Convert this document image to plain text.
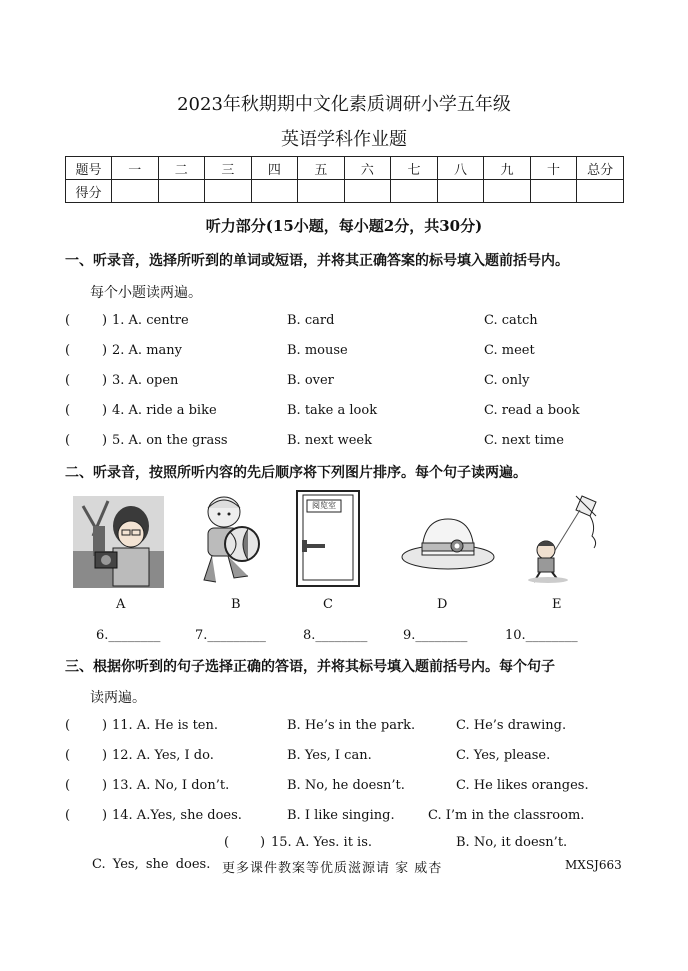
2023年秋期期中文化素质调研小学五年级
英语学科作业题
题号	一	二	三	四	五	六	七	八	九	十	总分
得分											
听力部分(15小题，每小题2分，共30分)
一、听录音，选择所听到的单词或短语，并将其正确答案的标号填入题前括号内。
每个小题读两遍。
( ) 1. A. centre	B. card	C. catch
( ) 2. A. many	B. mouse	C. meet
( ) 3. A. open	B. over	C. only
( ) 4. A. ride a bike	B. take a look	C. read a book
( ) 5. A. on the grass	B. next week	C. next time
二、听录音，按照所听内容的先后顺序将下列图片排序。每个句子读两遍。
A	B
阅览室
C	D	E
6.________	7._________	8.________	9.________	10.________
三、根据你听到的句子选择正确的答语，并将其标号填入题前括号内。每个句子
读两遍。
( ) 11. A. He is ten.	B. He’s in the park.	C. He’s drawing.
( ) 12. A. Yes, I do.	B. Yes, I can.	C. Yes, please.
( ) 13. A. No, I don’t.	B. No, he doesn’t.	C. He likes oranges.
( ) 14. A.Yes, she does.	B. I like singing.	C. I’m in the classroom.
( ) 15. A. Yes. it is.	B. No, it doesn’t.
C. Yes, she does. 更多课件教案等优质滋源请 家 威杏	MXSJ663
